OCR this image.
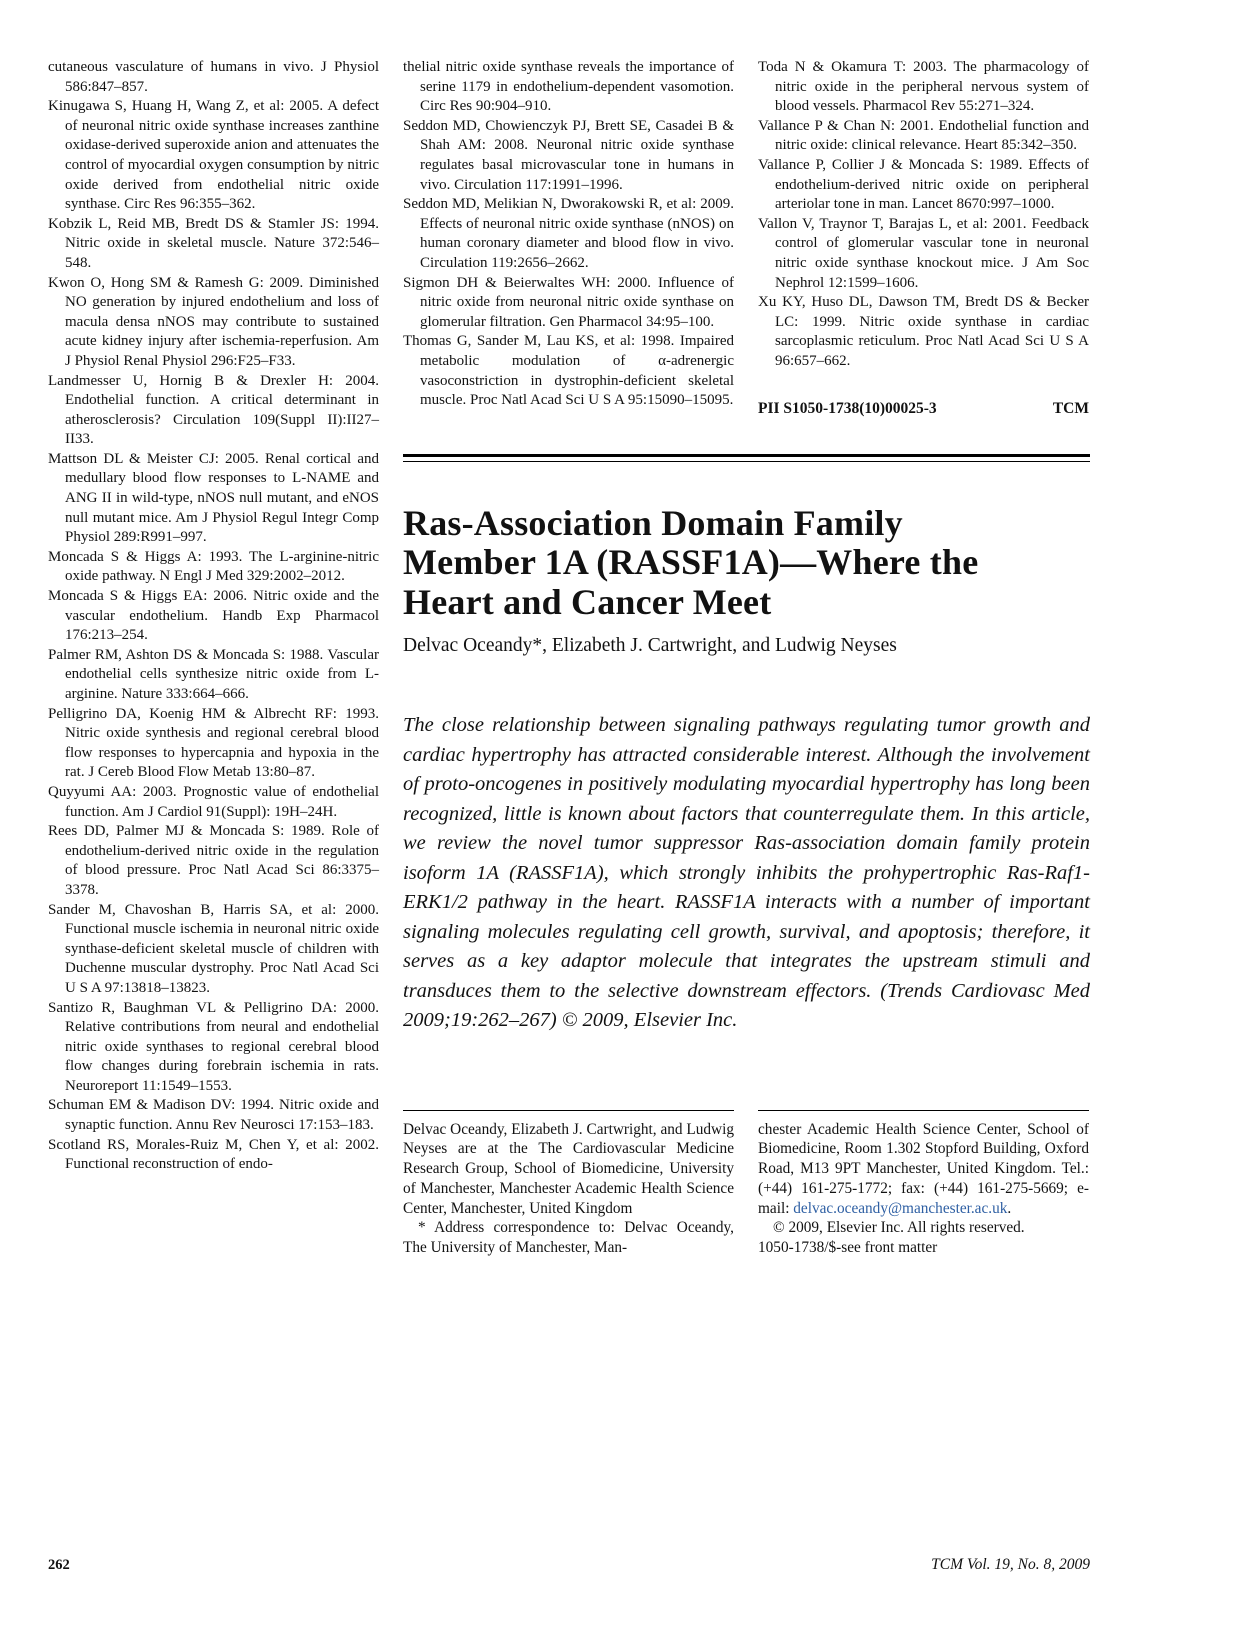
cutaneous vasculature of humans in vivo. J Physiol 586:847–857.

Kinugawa S, Huang H, Wang Z, et al: 2005. A defect of neuronal nitric oxide synthase increases zanthine oxidase-derived superoxide anion and attenuates the control of myocardial oxygen consumption by nitric oxide derived from endothelial nitric oxide synthase. Circ Res 96:355–362.

Kobzik L, Reid MB, Bredt DS & Stamler JS: 1994. Nitric oxide in skeletal muscle. Nature 372:546–548.

Kwon O, Hong SM & Ramesh G: 2009. Diminished NO generation by injured endothelium and loss of macula densa nNOS may contribute to sustained acute kidney injury after ischemia-reperfusion. Am J Physiol Renal Physiol 296:F25–F33.

Landmesser U, Hornig B & Drexler H: 2004. Endothelial function. A critical determinant in atherosclerosis? Circulation 109(Suppl II):II27–II33.

Mattson DL & Meister CJ: 2005. Renal cortical and medullary blood flow responses to L-NAME and ANG II in wild-type, nNOS null mutant, and eNOS null mutant mice. Am J Physiol Regul Integr Comp Physiol 289:R991–997.

Moncada S & Higgs A: 1993. The L-arginine-nitric oxide pathway. N Engl J Med 329:2002–2012.

Moncada S & Higgs EA: 2006. Nitric oxide and the vascular endothelium. Handb Exp Pharmacol 176:213–254.

Palmer RM, Ashton DS & Moncada S: 1988. Vascular endothelial cells synthesize nitric oxide from L-arginine. Nature 333:664–666.

Pelligrino DA, Koenig HM & Albrecht RF: 1993. Nitric oxide synthesis and regional cerebral blood flow responses to hypercapnia and hypoxia in the rat. J Cereb Blood Flow Metab 13:80–87.

Quyyumi AA: 2003. Prognostic value of endothelial function. Am J Cardiol 91(Suppl): 19H–24H.

Rees DD, Palmer MJ & Moncada S: 1989. Role of endothelium-derived nitric oxide in the regulation of blood pressure. Proc Natl Acad Sci 86:3375–3378.

Sander M, Chavoshan B, Harris SA, et al: 2000. Functional muscle ischemia in neuronal nitric oxide synthase-deficient skeletal muscle of children with Duchenne muscular dystrophy. Proc Natl Acad Sci U S A 97:13818–13823.

Santizo R, Baughman VL & Pelligrino DA: 2000. Relative contributions from neural and endothelial nitric oxide synthases to regional cerebral blood flow changes during forebrain ischemia in rats. Neuroreport 11:1549–1553.

Schuman EM & Madison DV: 1994. Nitric oxide and synaptic function. Annu Rev Neurosci 17:153–183.

Scotland RS, Morales-Ruiz M, Chen Y, et al: 2002. Functional reconstruction of endo-

thelial nitric oxide synthase reveals the importance of serine 1179 in endothelium-dependent vasomotion. Circ Res 90:904–910.

Seddon MD, Chowienczyk PJ, Brett SE, Casadei B & Shah AM: 2008. Neuronal nitric oxide synthase regulates basal microvascular tone in humans in vivo. Circulation 117:1991–1996.

Seddon MD, Melikian N, Dworakowski R, et al: 2009. Effects of neuronal nitric oxide synthase (nNOS) on human coronary diameter and blood flow in vivo. Circulation 119:2656–2662.

Sigmon DH & Beierwaltes WH: 2000. Influence of nitric oxide from neuronal nitric oxide synthase on glomerular filtration. Gen Pharmacol 34:95–100.

Thomas G, Sander M, Lau KS, et al: 1998. Impaired metabolic modulation of α-adrenergic vasoconstriction in dystrophin-deficient skeletal muscle. Proc Natl Acad Sci U S A 95:15090–15095.

Toda N & Okamura T: 2003. The pharmacology of nitric oxide in the peripheral nervous system of blood vessels. Pharmacol Rev 55:271–324.

Vallance P & Chan N: 2001. Endothelial function and nitric oxide: clinical relevance. Heart 85:342–350.

Vallance P, Collier J & Moncada S: 1989. Effects of endothelium-derived nitric oxide on peripheral arteriolar tone in man. Lancet 8670:997–1000.

Vallon V, Traynor T, Barajas L, et al: 2001. Feedback control of glomerular vascular tone in neuronal nitric oxide synthase knockout mice. J Am Soc Nephrol 12:1599–1606.

Xu KY, Huso DL, Dawson TM, Bredt DS & Becker LC: 1999. Nitric oxide synthase in cardiac sarcoplasmic reticulum. Proc Natl Acad Sci U S A 96:657–662.

PII S1050-1738(10)00025-3	TCM
Ras-Association Domain Family
Member 1A (RASSF1A)—Where the
Heart and Cancer Meet

Delvac Oceandy*, Elizabeth J. Cartwright, and Ludwig Neyses

The close relationship between signaling pathways regulating tumor growth and cardiac hypertrophy has attracted considerable interest. Although the involvement of proto-oncogenes in positively modulating myocardial hypertrophy has long been recognized, little is known about factors that counterregulate them. In this article, we review the novel tumor suppressor Ras-association domain family protein isoform 1A (RASSF1A), which strongly inhibits the prohypertrophic Ras-Raf1-ERK1/2 pathway in the heart. RASSF1A interacts with a number of important signaling molecules regulating cell growth, survival, and apoptosis; therefore, it serves as a key adaptor molecule that integrates the upstream stimuli and transduces them to the selective downstream effectors. (Trends Cardiovasc Med 2009;19:262–267) © 2009, Elsevier Inc.

Delvac Oceandy, Elizabeth J. Cartwright, and Ludwig Neyses are at the The Cardiovascular Medicine Research Group, School of Biomedicine, University of Manchester, Manchester Academic Health Science Center, Manchester, United Kingdom

* Address correspondence to: Delvac Oceandy, The University of Manchester, Man-

chester Academic Health Science Center, School of Biomedicine, Room 1.302 Stopford Building, Oxford Road, M13 9PT Manchester, United Kingdom. Tel.: (+44) 161-275-1772; fax: (+44) 161-275-5669; e-mail: delvac.oceandy@manchester.ac.uk.

© 2009, Elsevier Inc. All rights reserved.

1050-1738/$-see front matter

262	TCM Vol. 19, No. 8, 2009
